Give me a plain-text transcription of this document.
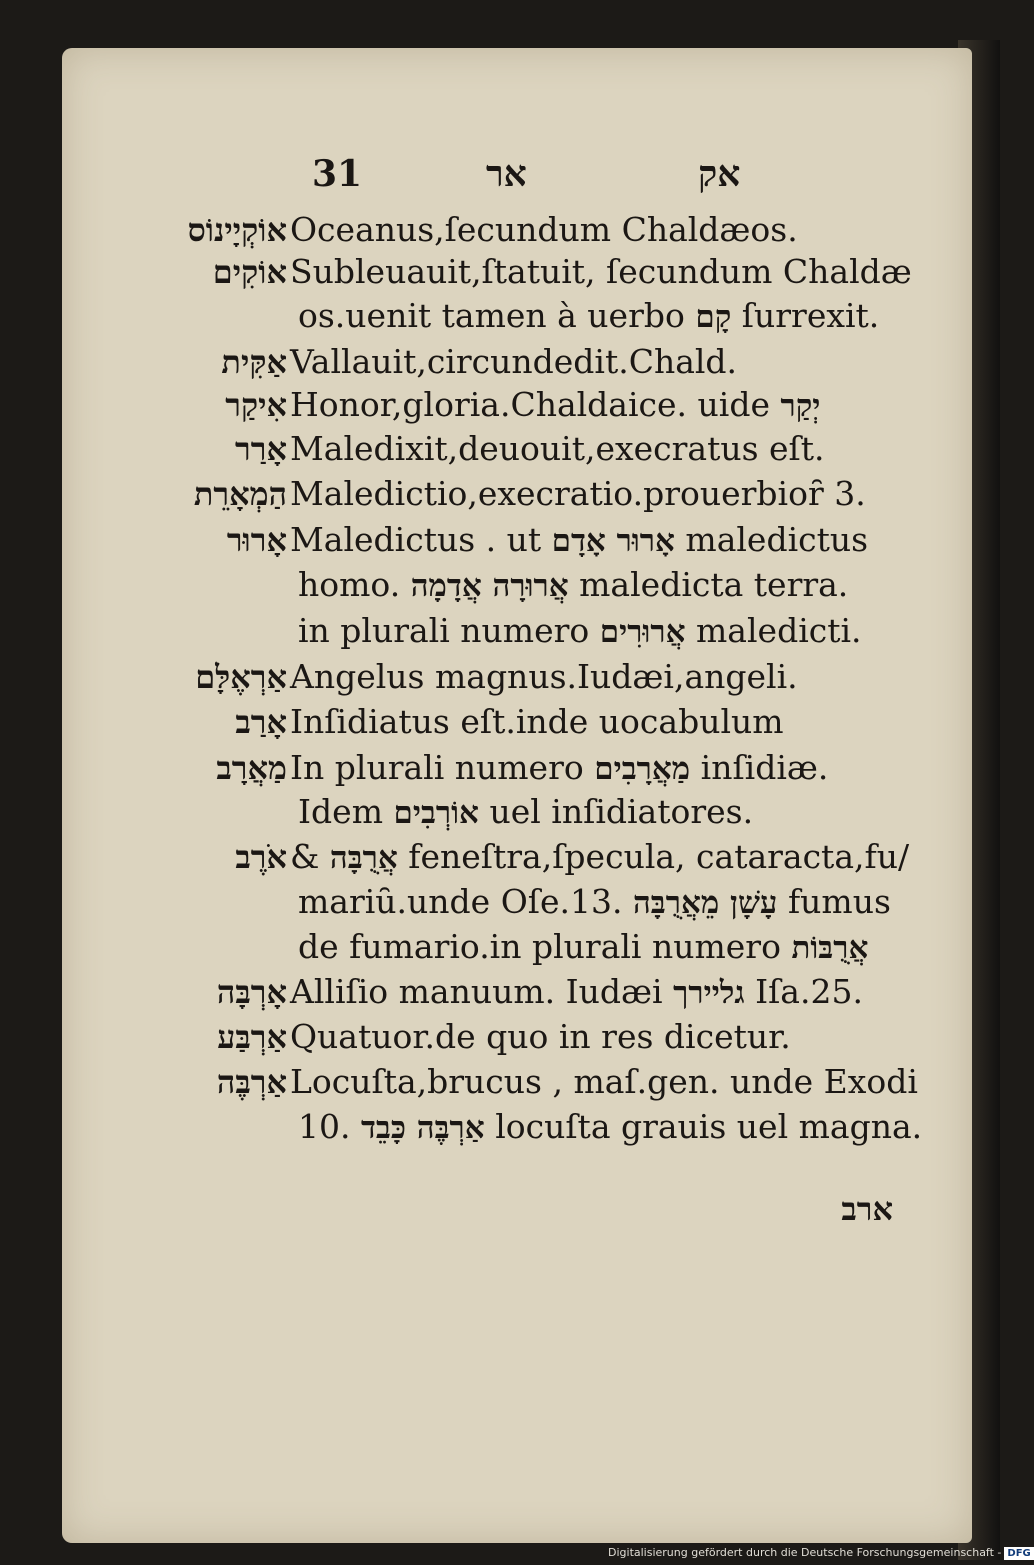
31	אר	אק
אוֹקְיָינוֹס Oceanus,ſecundum Chaldæos.
אוֹקִים Subleuauit,ſtatuit, ſecundum Chaldæ
os.uenit tamen à uerbo קָם ſurrexit.
אַקִּית Vallauit,circundedit.Chald.
אִיקַר Honor,gloria.Chaldaice. uide יְקַר
אָרַר Maledixit,deuouit,execratus eſt.
הַמְאָרֵת Maledictio,execratio.prouerbioȓ 3.
אָרוּר Maledictus . ut אָרוּר אָדָם maledictus
homo. אֲרוּרָה אֲדָמָה maledicta terra.
in plurali numero אֲרוּרִים maledicti.
אַרְאֶלָּם Angelus magnus.Iudæi,angeli.
אָרַב Inſidiatus eſt.inde uocabulum
מַאֲרָב In plurali numero מַאֲרָבִים inſidiæ.
Idem אוֹרְבִים uel inſidiatores.
אֹרֶב & אֲרֻבָּה feneſtra,ſpecula, cataracta,fu/
mariȗ.unde Oſe.13. עָשָׁן מֵאֲרֻבָּה fumus
de fumario.in plurali numero אֲרֻבּוֹת
אָרְבָּה Alliſio manuum. Iudæi גליירך Iſa.25.
אַרְבַּע Quatuor.de quo in res dicetur.
אַרְבֶּה Locuſta,brucus , maſ.gen. unde Exodi
10. אַרְבֶּה כָּבֵד locuſta grauis uel magna.
ארב
Digitalisierung gefördert durch die Deutsche Forschungsgemeinschaft - DFG
